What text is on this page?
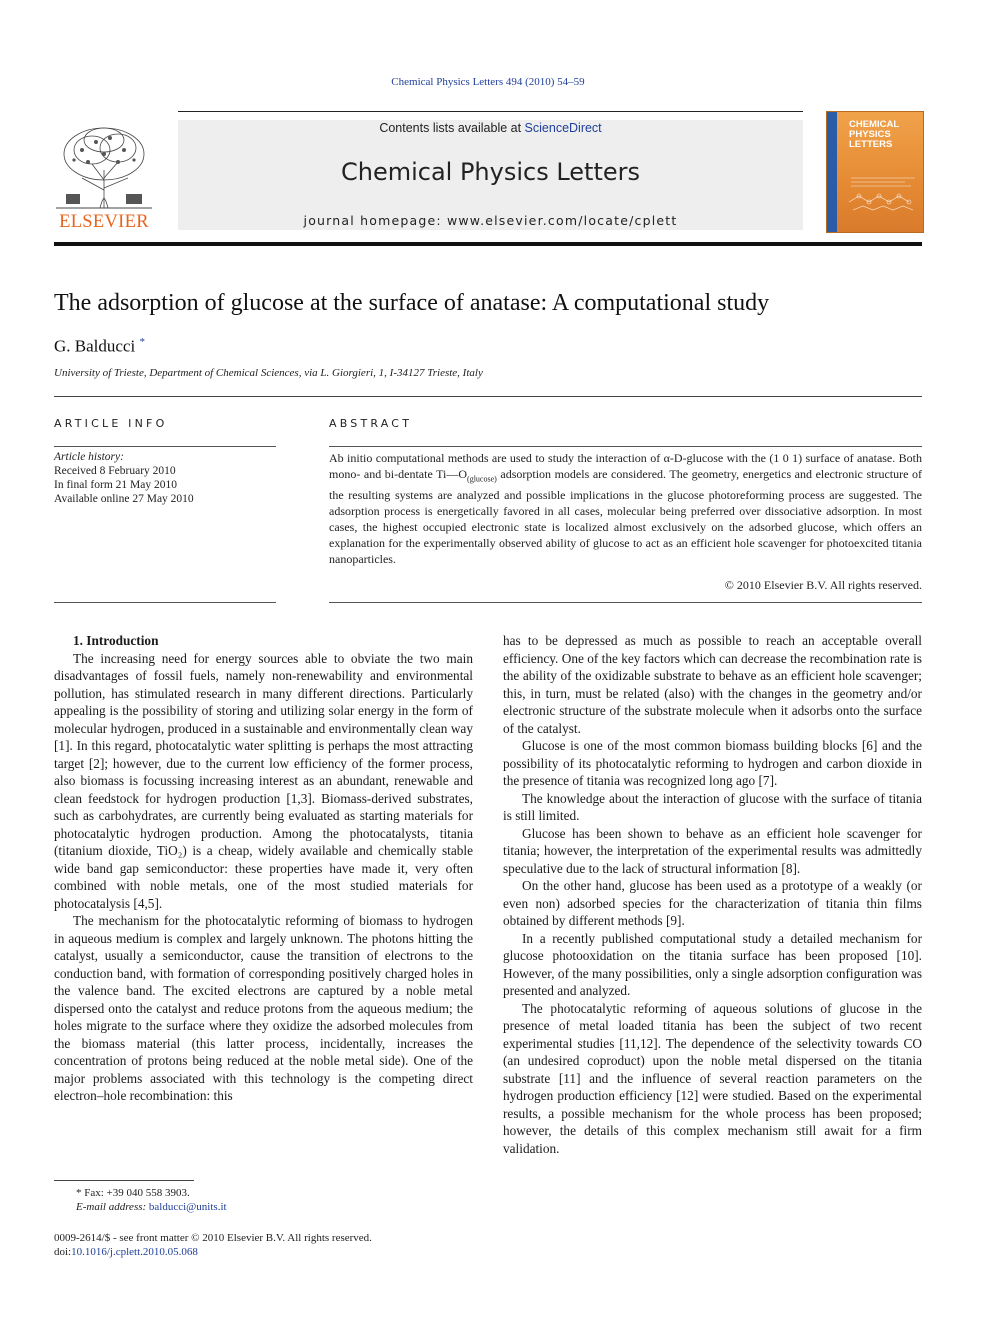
Chemical Physics Letters 494 (2010) 54–59
ELSEVIER
Contents lists available at ScienceDirect
Chemical Physics Letters
journal homepage: www.elsevier.com/locate/cplett
CHEMICAL
PHYSICS
LETTERS
The adsorption of glucose at the surface of anatase: A computational study
G. Balducci *
University of Trieste, Department of Chemical Sciences, via L. Giorgieri, 1, I-34127 Trieste, Italy
ARTICLE INFO	ABSTRACT
Article history:
Received 8 February 2010
In final form 21 May 2010
Available online 27 May 2010
Ab initio computational methods are used to study the interaction of α-D-glucose with the (1 0 1) surface of anatase. Both mono- and bi-dentate $Ti—O_{(glucose)}$ adsorption models are considered. The geometry, energetics and electronic structure of the resulting systems are analyzed and possible implications in the glucose photoreforming process are suggested. The adsorption process is energetically favored in all cases, molecular being preferred over dissociative adsorption. In most cases, the highest occupied electronic state is localized almost exclusively on the adsorbed glucose, which offers an explanation for the experimentally observed ability of glucose to act as an efficient hole scavenger for photoexcited titania nanoparticles.
© 2010 Elsevier B.V. All rights reserved.

1. Introduction

The increasing need for energy sources able to obviate the two main disadvantages of fossil fuels, namely non-renewability and environmental pollution, has stimulated research in many different directions. Particularly appealing is the possibility of storing and utilizing solar energy in the form of molecular hydrogen, produced in a sustainable and environmentally clean way [1]. In this regard, photocatalytic water splitting is perhaps the most attracting target [2]; however, due to the current low efficiency of the former process, also biomass is focussing increasing interest as an abundant, renewable and clean feedstock for hydrogen production [1,3]. Biomass-derived substrates, such as carbohydrates, are currently being evaluated as starting materials for photocatalytic hydrogen production. Among the photocatalysts, titania (titanium dioxide, TiO₂) is a cheap, widely available and chemically stable wide band gap semiconductor: these properties have made it, very often combined with noble metals, one of the most studied materials for photocatalysis [4,5].

The mechanism for the photocatalytic reforming of biomass to hydrogen in aqueous medium is complex and largely unknown. The photons hitting the catalyst, usually a semiconductor, cause the transition of electrons to the conduction band, with formation of corresponding positively charged holes in the valence band. The excited electrons are captured by a noble metal dispersed onto the catalyst and reduce protons from the aqueous medium; the holes migrate to the surface where they oxidize the adsorbed molecules from the biomass material (this latter process, incidentally, increases the concentration of protons being reduced at the noble metal side). One of the major problems associated with this technology is the competing direct electron–hole recombination: this

has to be depressed as much as possible to reach an acceptable overall efficiency. One of the key factors which can decrease the recombination rate is the ability of the oxidizable substrate to behave as an efficient hole scavenger; this, in turn, must be related (also) with the changes in the geometry and/or electronic structure of the substrate molecule when it adsorbs onto the surface of the catalyst.

Glucose is one of the most common biomass building blocks [6] and the possibility of its photocatalytic reforming to hydrogen and carbon dioxide in the presence of titania was recognized long ago [7].

The knowledge about the interaction of glucose with the surface of titania is still limited.

Glucose has been shown to behave as an efficient hole scavenger for titania; however, the interpretation of the experimental results was admittedly speculative due to the lack of structural information [8].

On the other hand, glucose has been used as a prototype of a weakly (or even non) adsorbed species for the characterization of titania thin films obtained by different methods [9].

In a recently published computational study a detailed mechanism for glucose photooxidation on the titania surface has been proposed [10]. However, of the many possibilities, only a single adsorption configuration was presented and analyzed.

The photocatalytic reforming of aqueous solutions of glucose in the presence of metal loaded titania has been the subject of two recent experimental studies [11,12]. The dependence of the selectivity towards CO (an undesired coproduct) upon the noble metal dispersed on the titania substrate [11] and the influence of several reaction parameters on the hydrogen production efficiency [12] were studied. Based on the experimental results, a possible mechanism for the whole process has been proposed; however, the details of this complex mechanism still await for a firm validation.

* Fax: +39 040 558 3903.
E-mail address: balducci@units.it
0009-2614/$ - see front matter © 2010 Elsevier B.V. All rights reserved.
doi:10.1016/j.cplett.2010.05.068
